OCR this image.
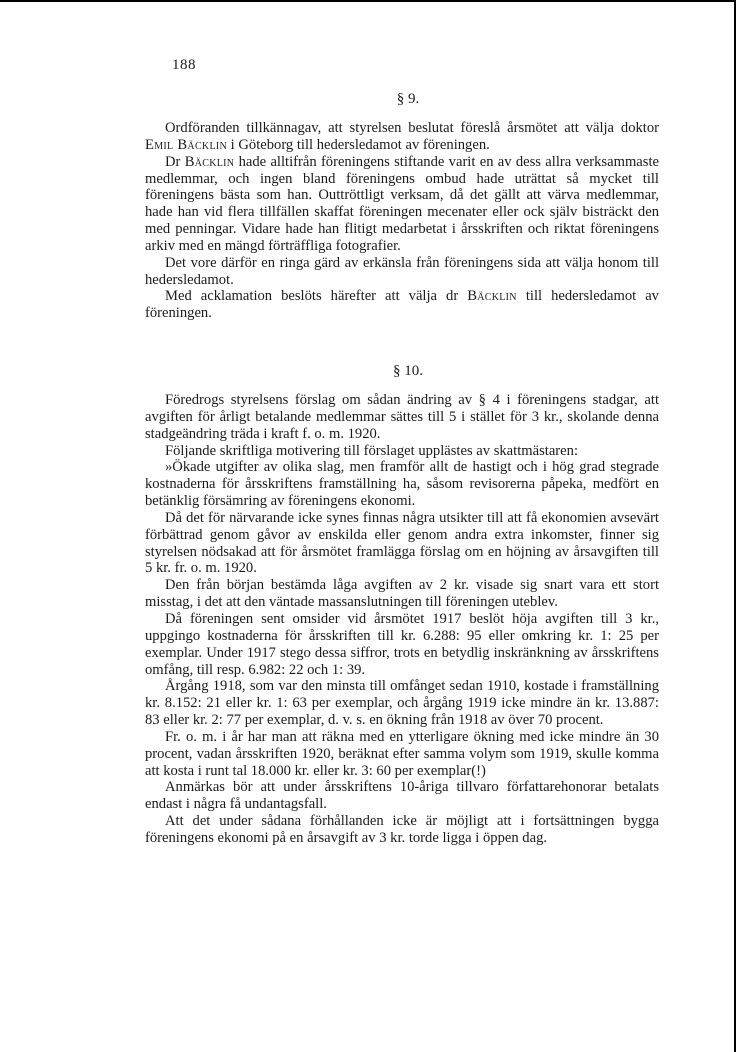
188
§ 9.

Ordföranden tillkännagav, att styrelsen beslutat föreslå årsmötet att välja doktor Emil Bäcklin i Göteborg till hedersledamot av föreningen.

Dr Bäcklin hade alltifrån föreningens stiftande varit en av dess allra verksammaste medlemmar, och ingen bland föreningens ombud hade uträttat så mycket till föreningens bästa som han. Outtröttligt verksam, då det gällt att värva medlemmar, hade han vid flera tillfällen skaffat föreningen mecenater eller ock själv bisträckt den med penningar. Vidare hade han flitigt medarbetat i årsskriften och riktat föreningens arkiv med en mängd förträffliga fotografier.

Det vore därför en ringa gärd av erkänsla från föreningens sida att välja honom till hedersledamot.

Med acklamation beslöts härefter att välja dr Bäcklin till hedersledamot av föreningen.

§ 10.

Föredrogs styrelsens förslag om sådan ändring av § 4 i föreningens stadgar, att avgiften för årligt betalande medlemmar sättes till 5 i stället för 3 kr., skolande denna stadgeändring träda i kraft f. o. m. 1920.

Följande skriftliga motivering till förslaget upplästes av skattmästaren:

»Ökade utgifter av olika slag, men framför allt de hastigt och i hög grad stegrade kostnaderna för årsskriftens framställning ha, såsom revisorerna påpeka, medfört en betänklig försämring av föreningens ekonomi.

Då det för närvarande icke synes finnas några utsikter till att få ekonomien avsevärt förbättrad genom gåvor av enskilda eller genom andra extra inkomster, finner sig styrelsen nödsakad att för årsmötet framlägga förslag om en höjning av årsavgiften till 5 kr. fr. o. m. 1920.

Den från början bestämda låga avgiften av 2 kr. visade sig snart vara ett stort misstag, i det att den väntade massanslutningen till föreningen uteblev.

Då föreningen sent omsider vid årsmötet 1917 beslöt höja avgiften till 3 kr., uppgingo kostnaderna för årsskriften till kr. 6.288: 95 eller omkring kr. 1: 25 per exemplar. Under 1917 stego dessa siffror, trots en betydlig inskränkning av årsskriftens omfång, till resp. 6.982: 22 och 1: 39.

Årgång 1918, som var den minsta till omfånget sedan 1910, kostade i framställning kr. 8.152: 21 eller kr. 1: 63 per exemplar, och årgång 1919 icke mindre än kr. 13.887: 83 eller kr. 2: 77 per exemplar, d. v. s. en ökning från 1918 av över 70 procent.

Fr. o. m. i år har man att räkna med en ytterligare ökning med icke mindre än 30 procent, vadan årsskriften 1920, beräknat efter samma volym som 1919, skulle komma att kosta i runt tal 18.000 kr. eller kr. 3: 60 per exemplar(!)

Anmärkas bör att under årsskriftens 10-åriga tillvaro författarehonorar betalats endast i några få undantagsfall.

Att det under sådana förhållanden icke är möjligt att i fortsättningen bygga föreningens ekonomi på en årsavgift av 3 kr. torde ligga i öppen dag.
